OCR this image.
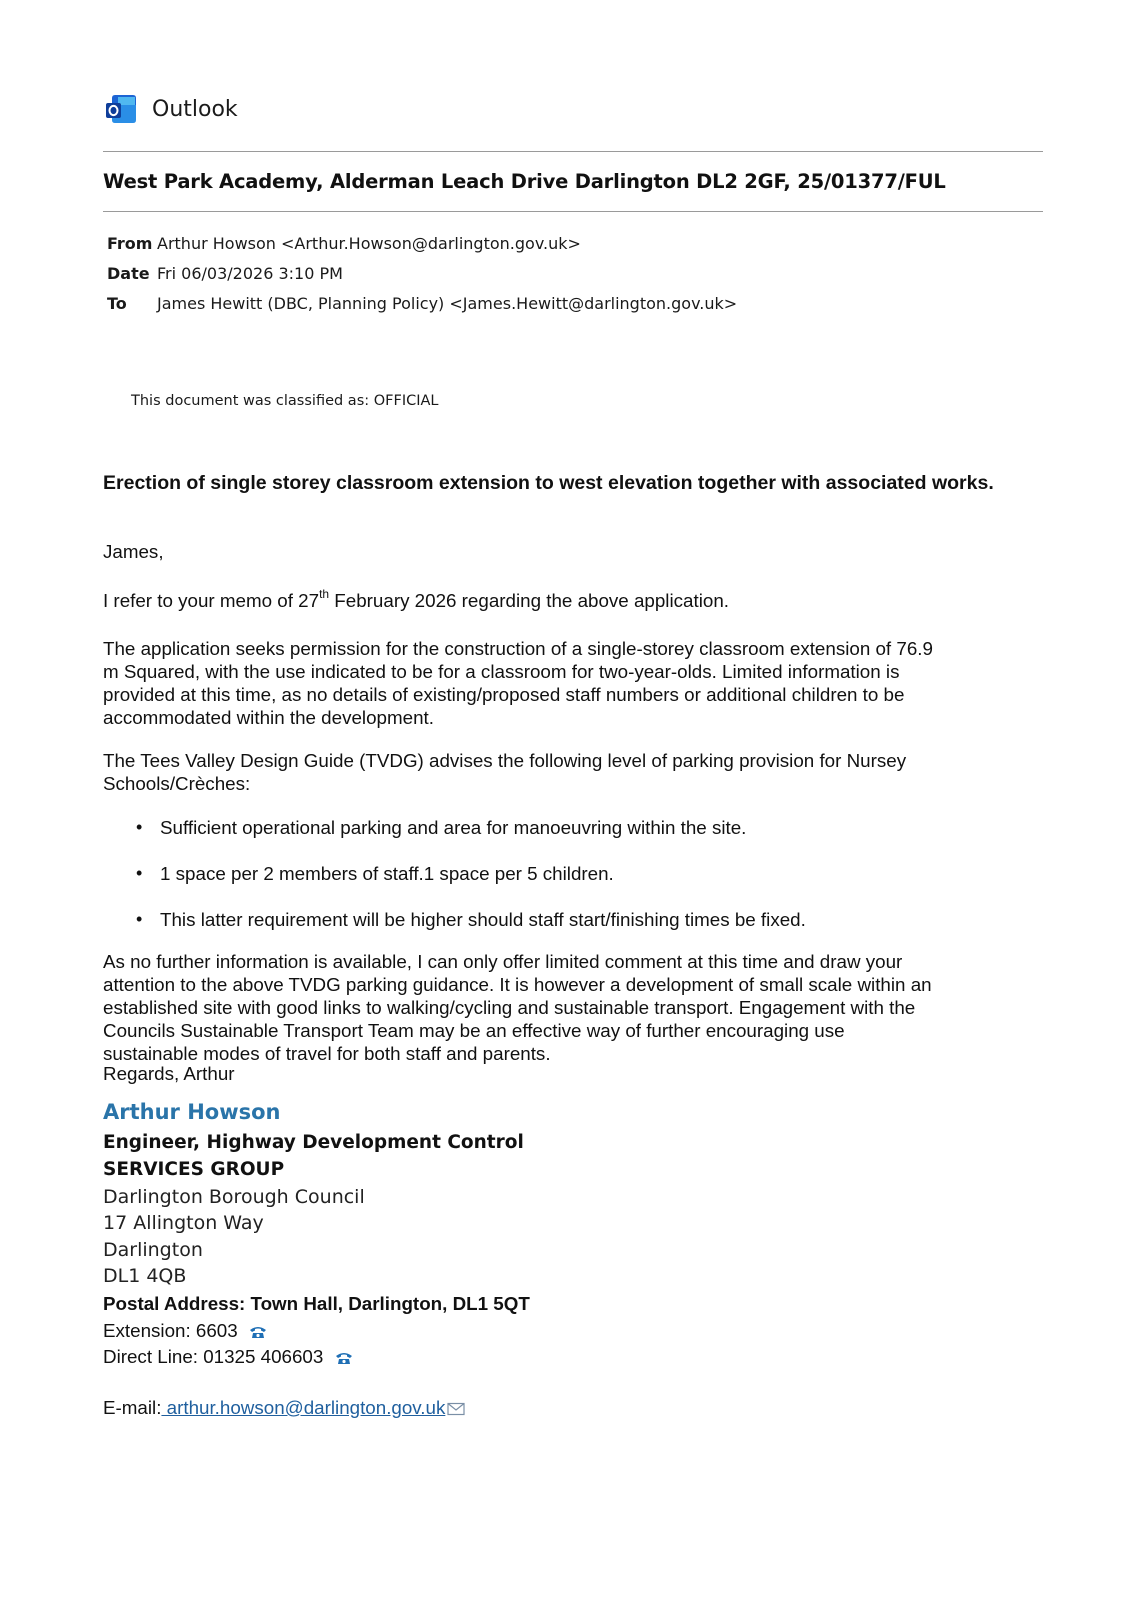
Outlook
West Park Academy, Alderman Leach Drive Darlington DL2 2GF, 25/01377/FUL
From Arthur Howson <Arthur.Howson@darlington.gov.uk>
Date Fri 06/03/2026 3:10 PM
To James Hewitt (DBC, Planning Policy) <James.Hewitt@darlington.gov.uk>
This document was classified as: OFFICIAL
Erection of single storey classroom extension to west elevation together with associated works.
James,
I refer to your memo of 27th February 2026 regarding the above application.
The application seeks permission for the construction of a single-storey classroom extension of 76.9
m Squared, with the use indicated to be for a classroom for two-year-olds. Limited information is
provided at this time, as no details of existing/proposed staff numbers or additional children to be
accommodated within the development.
The Tees Valley Design Guide (TVDG) advises the following level of parking provision for Nursey
Schools/Crèches:
• Sufficient operational parking and area for manoeuvring within the site.
• 1 space per 2 members of staff.1 space per 5 children.
• This latter requirement will be higher should staff start/finishing times be fixed.
As no further information is available, I can only offer limited comment at this time and draw your
attention to the above TVDG parking guidance. It is however a development of small scale within an
established site with good links to walking/cycling and sustainable transport. Engagement with the
Councils Sustainable Transport Team may be an effective way of further encouraging use
sustainable modes of travel for both staff and parents.
Regards, Arthur
Arthur Howson
Engineer, Highway Development Control
SERVICES GROUP
Darlington Borough Council
17 Allington Way
Darlington
DL1 4QB
Postal Address: Town Hall, Darlington, DL1 5QT
Extension: 6603
Direct Line: 01325 406603
E-mail: arthur.howson@darlington.gov.uk
